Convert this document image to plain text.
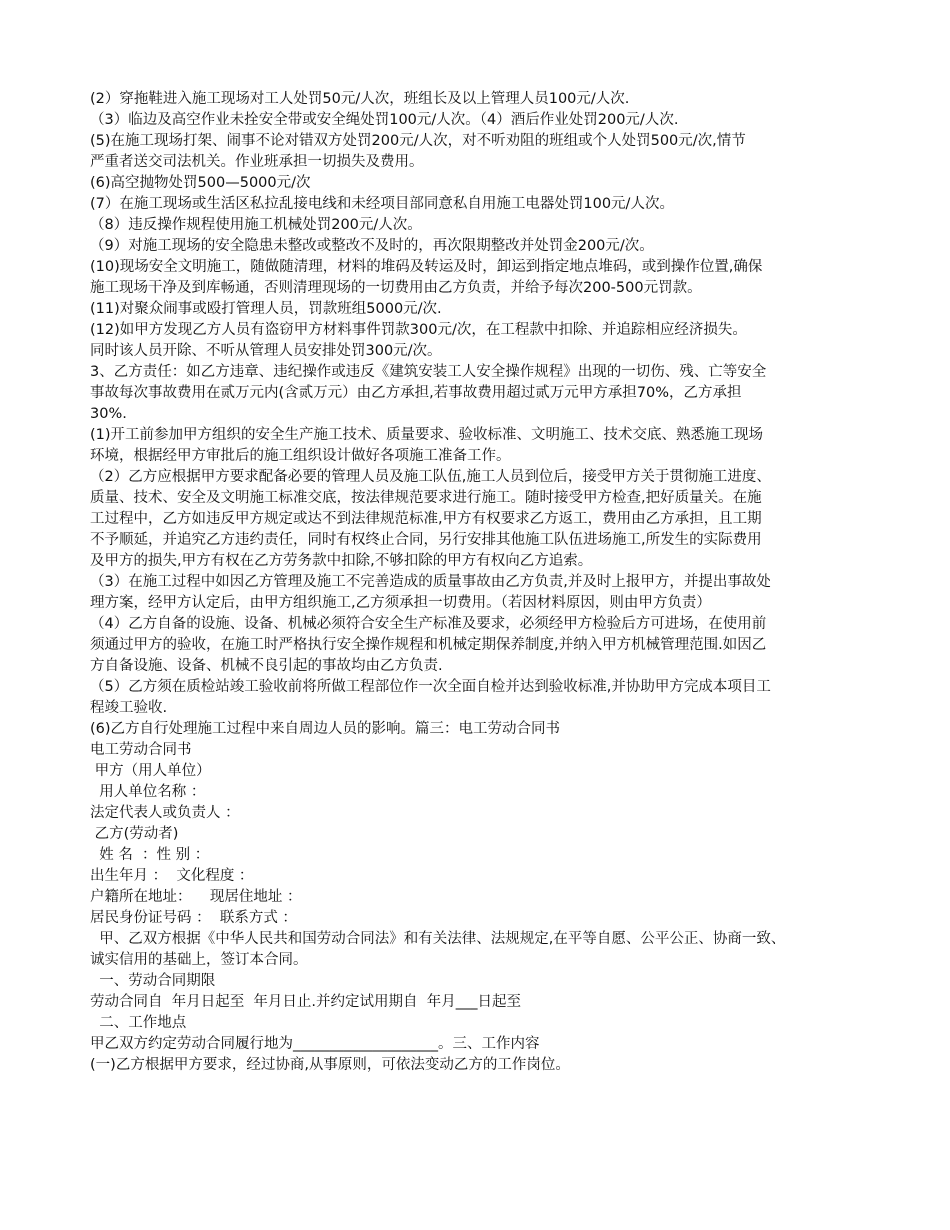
(2）穿拖鞋进入施工现场对工人处罚50元/人次，班组长及以上管理人员100元/人次.
（3）临边及高空作业未拴安全带或安全绳处罚100元/人次。（4）酒后作业处罚200元/人次.
(5)在施工现场打架、闹事不论对错双方处罚200元/人次，对不听劝阻的班组或个人处罚500元/次,情节
严重者送交司法机关。作业班承担一切损失及费用。
(6)高空抛物处罚500—5000元/次
(7）在施工现场或生活区私拉乱接电线和未经项目部同意私自用施工电器处罚100元/人次。
（8）违反操作规程使用施工机械处罚200元/人次。
（9）对施工现场的安全隐患未整改或整改不及时的，再次限期整改并处罚金200元/次。
(10)现场安全文明施工，随做随清理，材料的堆码及转运及时，卸运到指定地点堆码，或到操作位置,确保
施工现场干净及到库畅通，否则清理现场的一切费用由乙方负责，并给予每次200-500元罚款。
(11)对聚众闹事或殴打管理人员，罚款班组5000元/次.
(12)如甲方发现乙方人员有盗窃甲方材料事件罚款300元/次，在工程款中扣除、并追踪相应经济损失。
同时该人员开除、不听从管理人员安排处罚300元/次。
3、乙方责任：如乙方违章、违纪操作或违反《建筑安装工人安全操作规程》出现的一切伤、残、亡等安全
事故每次事故费用在贰万元内(含贰万元）由乙方承担,若事故费用超过贰万元甲方承担70%，乙方承担
30%.
(1)开工前参加甲方组织的安全生产施工技术、质量要求、验收标准、文明施工、技术交底、熟悉施工现场
环境，根据经甲方审批后的施工组织设计做好各项施工准备工作。
（2）乙方应根据甲方要求配备必要的管理人员及施工队伍,施工人员到位后，接受甲方关于贯彻施工进度、
质量、技术、安全及文明施工标准交底，按法律规范要求进行施工。随时接受甲方检查,把好质量关。在施
工过程中，乙方如违反甲方规定或达不到法律规范标准,甲方有权要求乙方返工，费用由乙方承担，且工期
不予顺延，并追究乙方违约责任，同时有权终止合同，另行安排其他施工队伍进场施工,所发生的实际费用
及甲方的损失,甲方有权在乙方劳务款中扣除,不够扣除的甲方有权向乙方追索。
（3）在施工过程中如因乙方管理及施工不完善造成的质量事故由乙方负责,并及时上报甲方，并提出事故处
理方案，经甲方认定后，由甲方组织施工,乙方须承担一切费用。（若因材料原因，则由甲方负责）
（4）乙方自备的设施、设备、机械必须符合安全生产标准及要求，必须经甲方检验后方可进场，在使用前
须通过甲方的验收，在施工时严格执行安全操作规程和机械定期保养制度,并纳入甲方机械管理范围.如因乙
方自备设施、设备、机械不良引起的事故均由乙方负责.
（5）乙方须在质检站竣工验收前将所做工程部位作一次全面自检并达到验收标准,并协助甲方完成本项目工
程竣工验收.
(6)乙方自行处理施工过程中来自周边人员的影响。篇三：电工劳动合同书
电工劳动合同书
甲方（用人单位）
用人单位名称 ：
法定代表人或负责人 ：
乙方(劳动者)
姓 名  ：性 别 ：
出生年月 ：  文化程度 ：
户籍所在地址：    现居住地址 ：
居民身份证号码 ：  联系方式 ：
甲、乙双方根据《中华人民共和国劳动合同法》和有关法律、法规规定,在平等自愿、公平公正、协商一致、
诚实信用的基础上，签订本合同。
一、劳动合同期限
劳动合同自  年月日起至  年月日止.并约定试用期自  年月___日起至
二、工作地点
甲乙双方约定劳动合同履行地为____________________。三、工作内容
(一)乙方根据甲方要求，经过协商,从事原则，可依法变动乙方的工作岗位。
